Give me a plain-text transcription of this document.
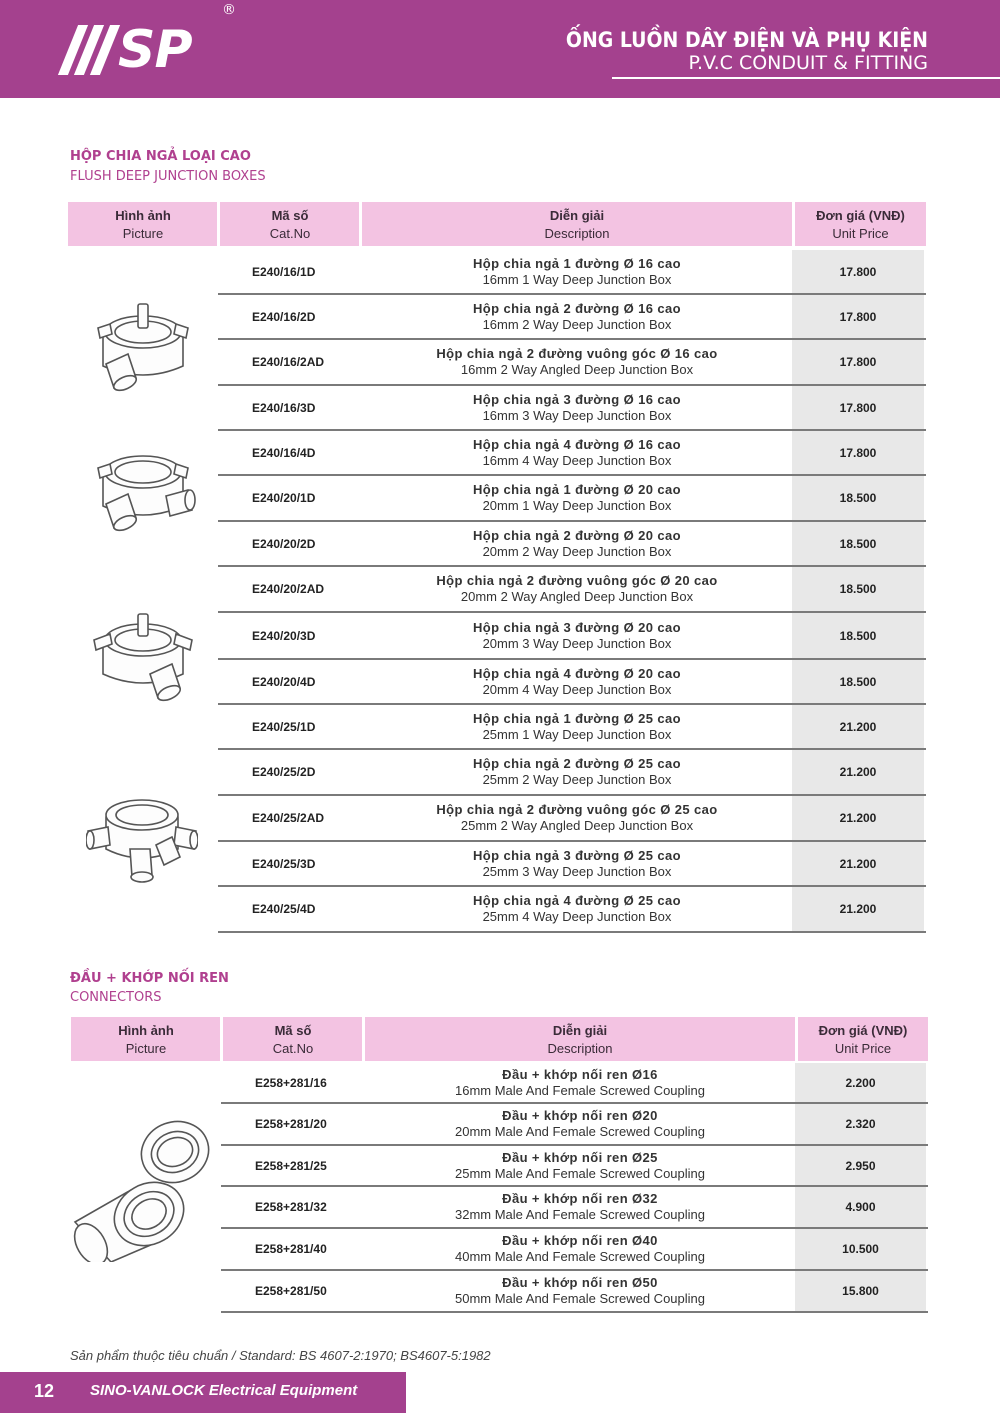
SP
®
ỐNG LUỒN DÂY ĐIỆN VÀ PHỤ KIỆN
P.V.C CONDUIT & FITTING
HỘP CHIA NGẢ LOẠI CAO
FLUSH DEEP JUNCTION BOXES
Hình ảnh
Picture
Mã số
Cat.No
Diễn giải
Description
Đơn giá (VNĐ)
Unit Price
E240/16/1D
Hộp chia ngả 1 đường Ø 16 cao
16mm 1 Way Deep Junction Box	17.800
E240/16/2D
Hộp chia ngả 2 đường Ø 16 cao
16mm 2 Way Deep Junction Box	17.800
E240/16/2AD
Hộp chia ngả 2 đường vuông góc Ø 16 cao
16mm 2 Way Angled Deep Junction Box	17.800
E240/16/3D
Hộp chia ngả 3 đường Ø 16 cao
16mm 3 Way Deep Junction Box	17.800
E240/16/4D
Hộp chia ngả 4 đường Ø 16 cao
16mm 4 Way Deep Junction Box	17.800
E240/20/1D
Hộp chia ngả 1 đường Ø 20 cao
20mm 1 Way Deep Junction Box	18.500
E240/20/2D
Hộp chia ngả 2 đường Ø 20 cao
20mm 2 Way Deep Junction Box	18.500
E240/20/2AD
Hộp chia ngả 2 đường vuông góc Ø 20 cao
20mm 2 Way Angled Deep Junction Box	18.500
E240/20/3D
Hộp chia ngả 3 đường Ø 20 cao
20mm 3 Way Deep Junction Box	18.500
E240/20/4D
Hộp chia ngả 4 đường Ø 20 cao
20mm 4 Way Deep Junction Box	18.500
E240/25/1D
Hộp chia ngả 1 đường Ø 25 cao
25mm 1 Way Deep Junction Box	21.200
E240/25/2D
Hộp chia ngả 2 đường Ø 25 cao
25mm 2 Way Deep Junction Box	21.200
E240/25/2AD
Hộp chia ngả 2 đường vuông góc Ø 25 cao
25mm 2 Way Angled Deep Junction Box	21.200
E240/25/3D
Hộp chia ngả 3 đường Ø 25 cao
25mm 3 Way Deep Junction Box	21.200
E240/25/4D
Hộp chia ngả 4 đường Ø 25 cao
25mm 4 Way Deep Junction Box	21.200
ĐẦU + KHỚP NỐI REN
CONNECTORS
Hình ảnh
Picture
Mã số
Cat.No
Diễn giải
Description
Đơn giá (VNĐ)
Unit Price
E258+281/16
Đầu + khớp nối ren Ø16
16mm Male And Female Screwed Coupling	2.200
E258+281/20
Đầu + khớp nối ren Ø20
20mm Male And Female Screwed Coupling	2.320
E258+281/25
Đầu + khớp nối ren Ø25
25mm Male And Female Screwed Coupling	2.950
E258+281/32
Đầu + khớp nối ren Ø32
32mm Male And Female Screwed Coupling	4.900
E258+281/40
Đầu + khớp nối ren Ø40
40mm Male And Female Screwed Coupling	10.500
E258+281/50
Đầu + khớp nối ren Ø50
50mm Male And Female Screwed Coupling	15.800
Sản phẩm thuộc tiêu chuẩn / Standard: BS 4607-2:1970; BS4607-5:1982
12 SINO-VANLOCK Electrical Equipment
